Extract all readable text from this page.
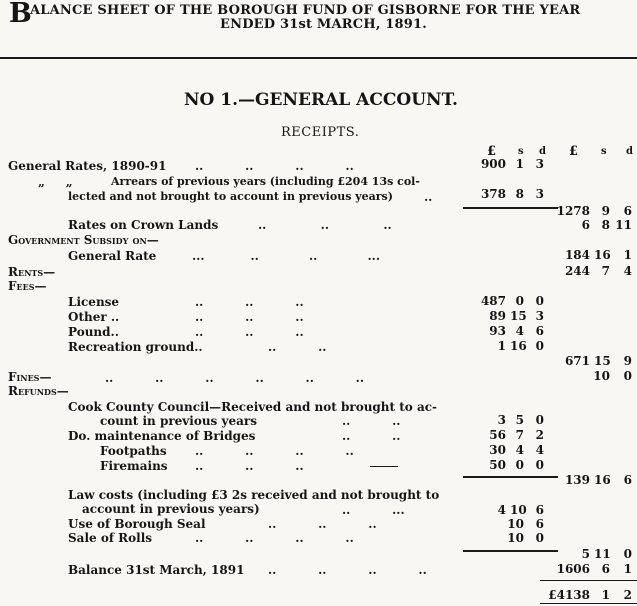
B
ALANCE SHEET OF THE BOROUGH FUND OF GISBORNE FOR THE YEAR
ENDED 31st MARCH, 1891.
NO 1.—GENERAL ACCOUNT.
RECEIPTS.
£ s d £ s d
General Rates, 1890-91 ..          ..          ..          ..	900 1 3
„     „	Arrears of previous years (including £204 13s col-
lected and not brought to account in previous years)	..	378 8 3
1278 9	6
Rates on Crown Lands	..             ..             ..	6 8 11
Government Subsidy on—
General Rate	...           ..            ..            ...	184 16	1
Rents—	244 7	4
Fees—
License	..          ..          ..	487 0 0
Other ..	..          ..          ..	89 15 3
Pound..	..          ..          ..	93 4 6
Recreation ground..	..          ..	1 16 0
671 15	9
Fines—	..          ..          ..          ..          ..          ..	10	0
Refunds—
Cook County Council—Received and not brought to ac-
count in previous years	..          ..	3 5 0
Do. maintenance of Bridges	..          ..	56 7 2
Footpaths ..          ..          ..          ..	30 4 4
Firemains ..          ..          ..	50 0 0
139 16	6
Law costs (including £3 2s received and not brought to
account in previous years)	..          ...	4 10 6
Use of Borough Seal	..          ..          ..	10 6
Sale of Rolls	..          ..          ..          ..	10 0
5 11	0
Balance 31st March, 1891 ..          ..          ..          ..	1606 6	1
£4138 1	2
